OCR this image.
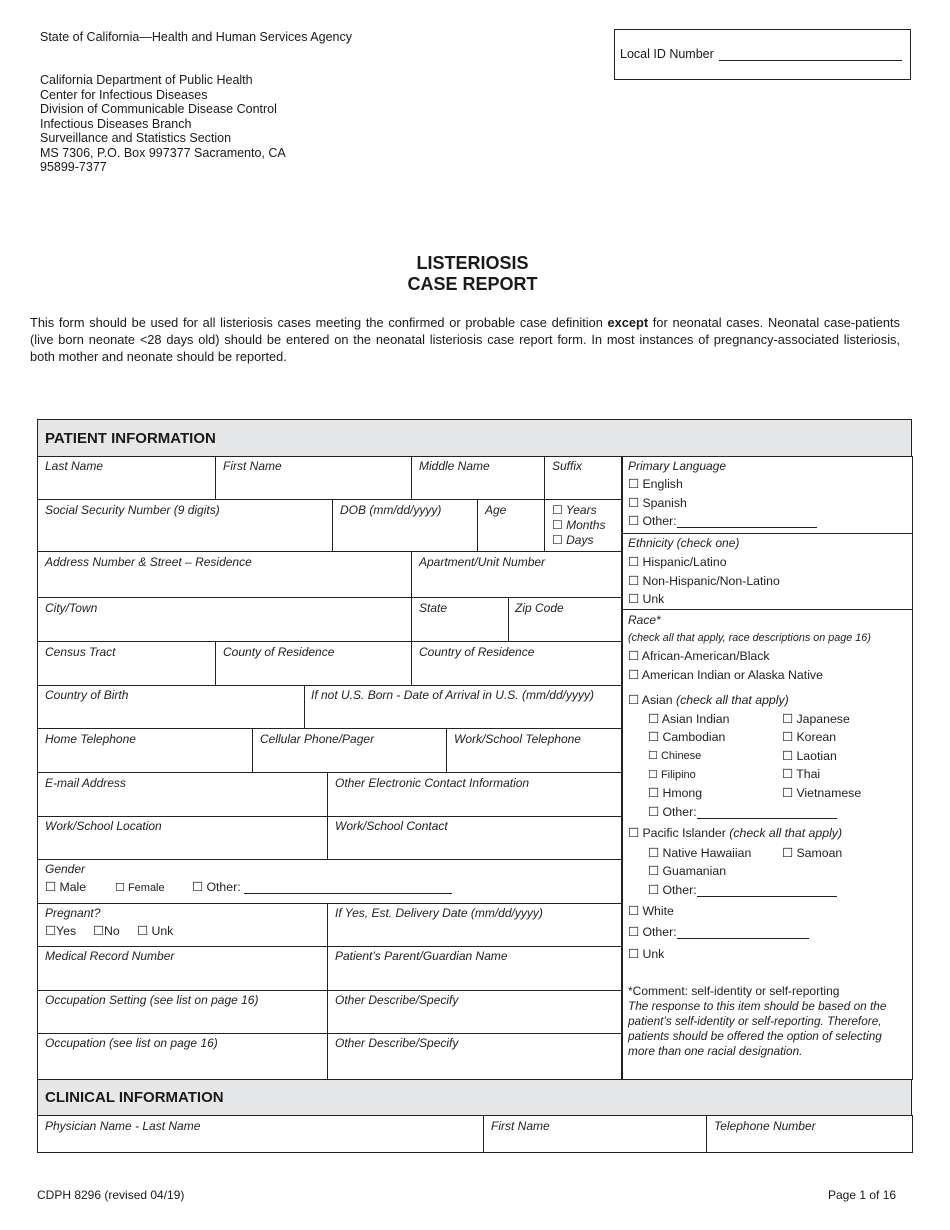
State of California—Health and Human Services Agency
California Department of Public Health
Center for Infectious Diseases
Division of Communicable Disease Control
Infectious Diseases Branch
Surveillance and Statistics Section
MS 7306, P.O. Box 997377 Sacramento, CA
95899-7377
Local ID Number
LISTERIOSIS
CASE REPORT
This form should be used for all listeriosis cases meeting the confirmed or probable case definition except for neonatal cases. Neonatal case-patients (live born neonate <28 days old) should be entered on the neonatal listeriosis case report form. In most instances of pregnancy-associated listeriosis, both mother and neonate should be reported.
PATIENT INFORMATION
Last Name	First Name	Middle Name	Suffix
Social Security Number (9 digits)	DOB (mm/dd/yyyy)	Age	☐ Years
☐ Months
☐ Days
Address Number & Street – Residence	Apartment/Unit Number
City/Town	State	Zip Code
Census Tract	County of Residence	Country of Residence
Country of Birth	If not U.S. Born - Date of Arrival in U.S. (mm/dd/yyyy)
Home Telephone	Cellular Phone/Pager	Work/School Telephone
E-mail Address	Other Electronic Contact Information
Work/School Location	Work/School Contact
Gender
☐ Male	☐ Female ☐ Other:
Pregnant?
☐Yes ☐No ☐ Unk
If Yes, Est. Delivery Date (mm/dd/yyyy)
Medical Record Number	Patient’s Parent/Guardian Name
Occupation Setting (see list on page 16)	Other Describe/Specify
Occupation (see list on page 16)	Other Describe/Specify
Primary Language
☐ English
☐ Spanish
☐ Other:
Ethnicity (check one)
☐ Hispanic/Latino
☐ Non-Hispanic/Non-Latino
☐ Unk
Race*
(check all that apply, race descriptions on page 16)
☐ African-American/Black
☐ American Indian or Alaska Native
☐ Asian (check all that apply)
☐ Asian Indian	☐ Japanese
☐ Cambodian	☐ Korean
☐ Chinese	☐ Laotian
☐ Filipino	☐ Thai
☐ Hmong	☐ Vietnamese
☐ Other:
☐ Pacific Islander (check all that apply)
☐ Native Hawaiian ☐ Samoan
☐ Guamanian
☐ Other:
☐ White
☐ Other:
☐ Unk
*Comment: self-identity or self-reporting
The response to this item should be based on the patient’s self-identity or self-reporting. Therefore, patients should be offered the option of selecting more than one racial designation.
CLINICAL INFORMATION
Physician Name - Last Name	First Name	Telephone Number
CDPH 8296 (revised 04/19)	Page 1 of 16
